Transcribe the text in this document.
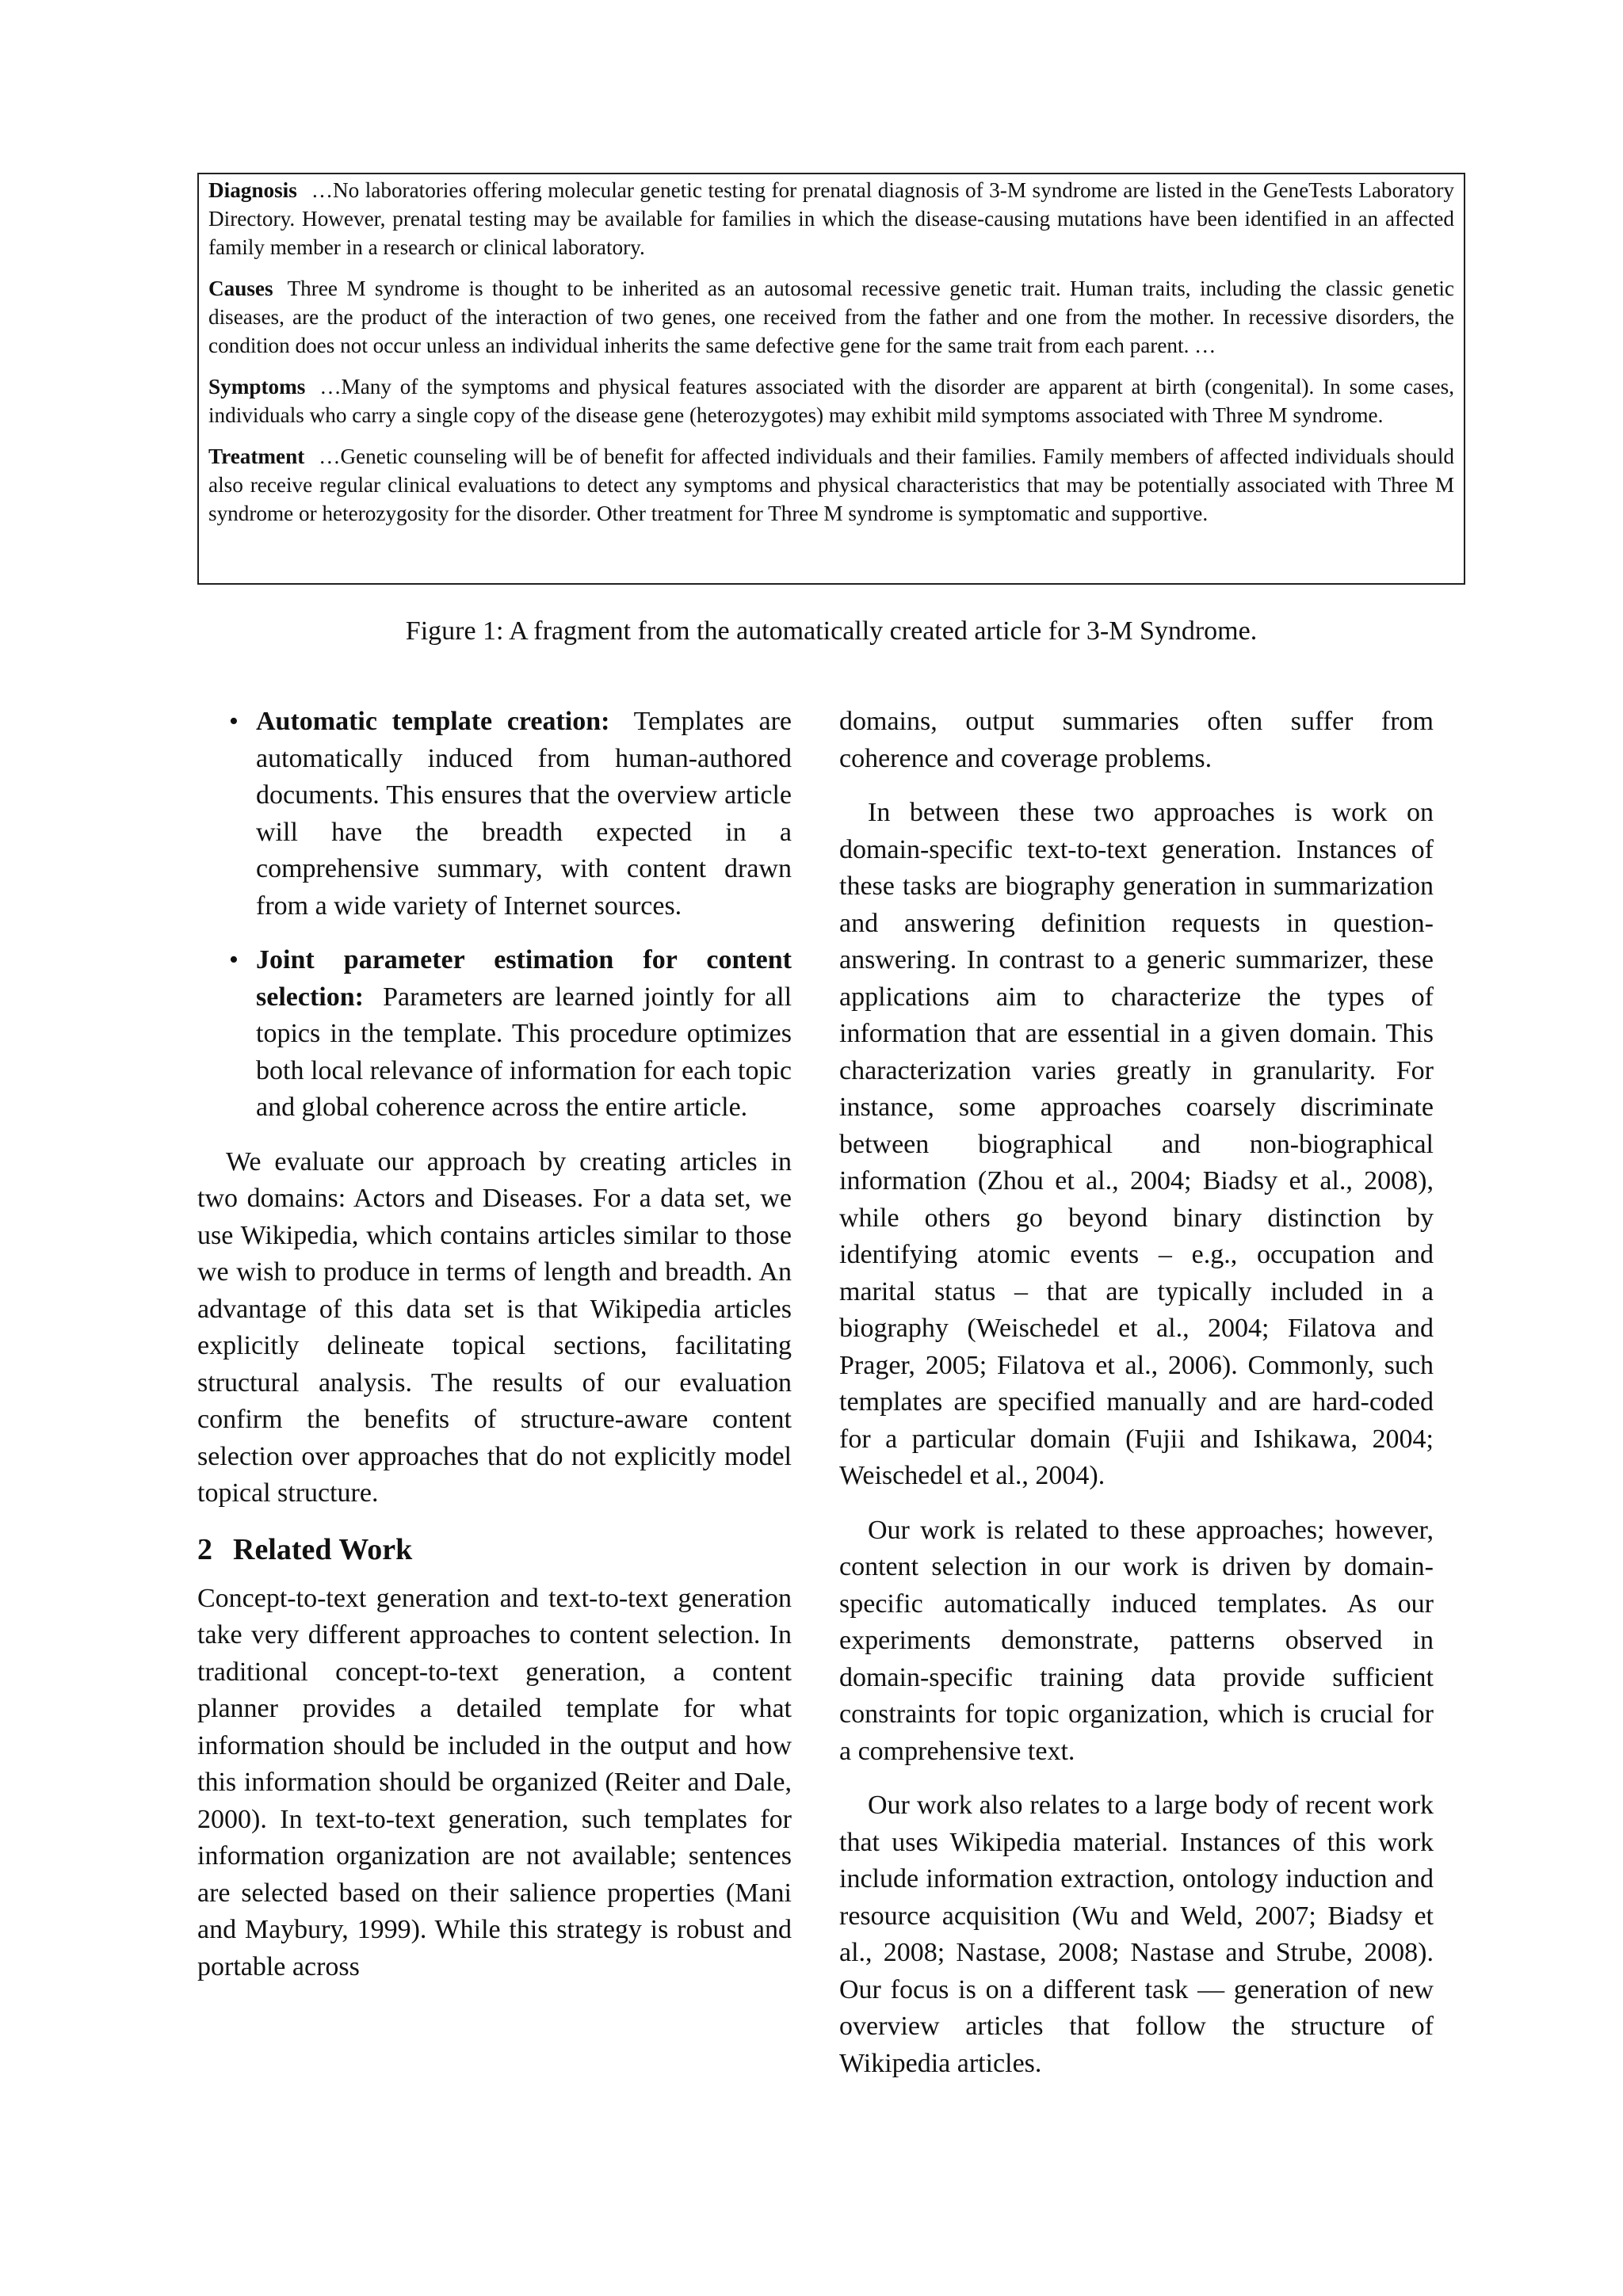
Diagnosis …No laboratories offering molecular genetic testing for prenatal diagnosis of 3-M syndrome are listed in the GeneTests Laboratory Directory. However, prenatal testing may be available for families in which the disease-causing mutations have been identified in an affected family member in a research or clinical laboratory.

Causes Three M syndrome is thought to be inherited as an autosomal recessive genetic trait. Human traits, including the classic genetic diseases, are the product of the interaction of two genes, one received from the father and one from the mother. In recessive disorders, the condition does not occur unless an individual inherits the same defective gene for the same trait from each parent. …

Symptoms …Many of the symptoms and physical features associated with the disorder are apparent at birth (congenital). In some cases, individuals who carry a single copy of the disease gene (heterozygotes) may exhibit mild symptoms associated with Three M syndrome.

Treatment …Genetic counseling will be of benefit for affected individuals and their families. Family members of affected individuals should also receive regular clinical evaluations to detect any symptoms and physical characteristics that may be potentially associated with Three M syndrome or heterozygosity for the disorder. Other treatment for Three M syndrome is symptomatic and supportive.

Figure 1: A fragment from the automatically created article for 3-M Syndrome.
• Automatic template creation: Templates are automatically induced from human-authored documents. This ensures that the overview article will have the breadth expected in a comprehensive summary, with content drawn from a wide variety of Internet sources.
• Joint parameter estimation for content selection: Parameters are learned jointly for all topics in the template. This procedure optimizes both local relevance of information for each topic and global coherence across the entire article.

We evaluate our approach by creating articles in two domains: Actors and Diseases. For a data set, we use Wikipedia, which contains articles similar to those we wish to produce in terms of length and breadth. An advantage of this data set is that Wikipedia articles explicitly delineate topical sections, facilitating structural analysis. The results of our evaluation confirm the benefits of structure-aware content selection over approaches that do not explicitly model topical structure.

2 Related Work

Concept-to-text generation and text-to-text generation take very different approaches to content selection. In traditional concept-to-text generation, a content planner provides a detailed template for what information should be included in the output and how this information should be organized (Reiter and Dale, 2000). In text-to-text generation, such templates for information organization are not available; sentences are selected based on their salience properties (Mani and Maybury, 1999). While this strategy is robust and portable across

domains, output summaries often suffer from coherence and coverage problems.

In between these two approaches is work on domain-specific text-to-text generation. Instances of these tasks are biography generation in summarization and answering definition requests in question-answering. In contrast to a generic summarizer, these applications aim to characterize the types of information that are essential in a given domain. This characterization varies greatly in granularity. For instance, some approaches coarsely discriminate between biographical and non-biographical information (Zhou et al., 2004; Biadsy et al., 2008), while others go beyond binary distinction by identifying atomic events – e.g., occupation and marital status – that are typically included in a biography (Weischedel et al., 2004; Filatova and Prager, 2005; Filatova et al., 2006). Commonly, such templates are specified manually and are hard-coded for a particular domain (Fujii and Ishikawa, 2004; Weischedel et al., 2004).

Our work is related to these approaches; however, content selection in our work is driven by domain-specific automatically induced templates. As our experiments demonstrate, patterns observed in domain-specific training data provide sufficient constraints for topic organization, which is crucial for a comprehensive text.

Our work also relates to a large body of recent work that uses Wikipedia material. Instances of this work include information extraction, ontology induction and resource acquisition (Wu and Weld, 2007; Biadsy et al., 2008; Nastase, 2008; Nastase and Strube, 2008). Our focus is on a different task — generation of new overview articles that follow the structure of Wikipedia articles.
